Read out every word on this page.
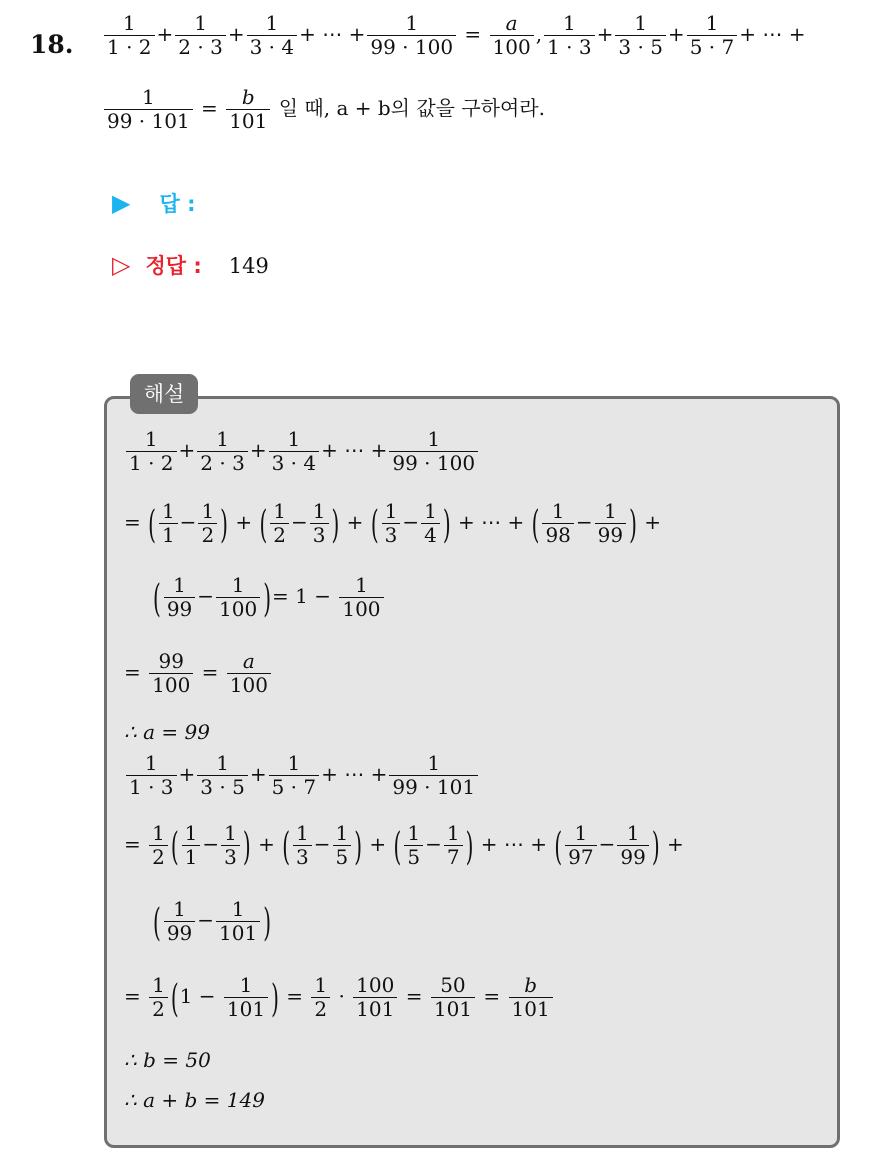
18. $\frac{1}{1 \cdot 2} + \frac{1}{2 \cdot 3} + \frac{1}{3 \cdot 4}$ + ⋯ + $\frac{1}{99 \cdot 100} = \frac{a}{100}$ , $\frac{1}{1 \cdot 3} + \frac{1}{3 \cdot 5} + \frac{1}{5 \cdot 7}$ + ⋯ +
$\frac{1}{99 \cdot 101} = \frac{b}{101}$ 일 때, a + b의 값을 구하여라.
▶ 답 :
▷ 정답 : 149
해설
$\frac{1}{1 \cdot 2} + \frac{1}{2 \cdot 3} + \frac{1}{3 \cdot 4}$ + ⋯ + $\frac{1}{99 \cdot 100}$
= ( $\frac{1}{1} - \frac{1}{2}$ ) + ( $\frac{1}{2} - \frac{1}{3}$ ) + ( $\frac{1}{3} - \frac{1}{4}$ ) + ⋯ + ( $\frac{1}{98} - \frac{1}{99}$ ) +
( $\frac{1}{99} - \frac{1}{100}$ )= $1 - \frac{1}{100}$
= $\frac{99}{100} = \frac{a}{100}$
∴ a = 99
$\frac{1}{1 \cdot 3} + \frac{1}{3 \cdot 5} + \frac{1}{5 \cdot 7}$ + ⋯ + $\frac{1}{99 \cdot 101}$
= $\frac{1}{2}$ ( $\frac{1}{1} - \frac{1}{3}$ ) + ( $\frac{1}{3} - \frac{1}{5}$ ) + ( $\frac{1}{5} - \frac{1}{7}$ ) + ⋯ + ( $\frac{1}{97} - \frac{1}{99}$ ) +
( $\frac{1}{99} - \frac{1}{101}$ )
= $\frac{1}{2} (1 - \frac{1}{101}$ ) = $\frac{1}{2} \cdot \frac{100}{101} = \frac{50}{101} = \frac{b}{101}$
∴ b = 50
∴ a + b = 149
